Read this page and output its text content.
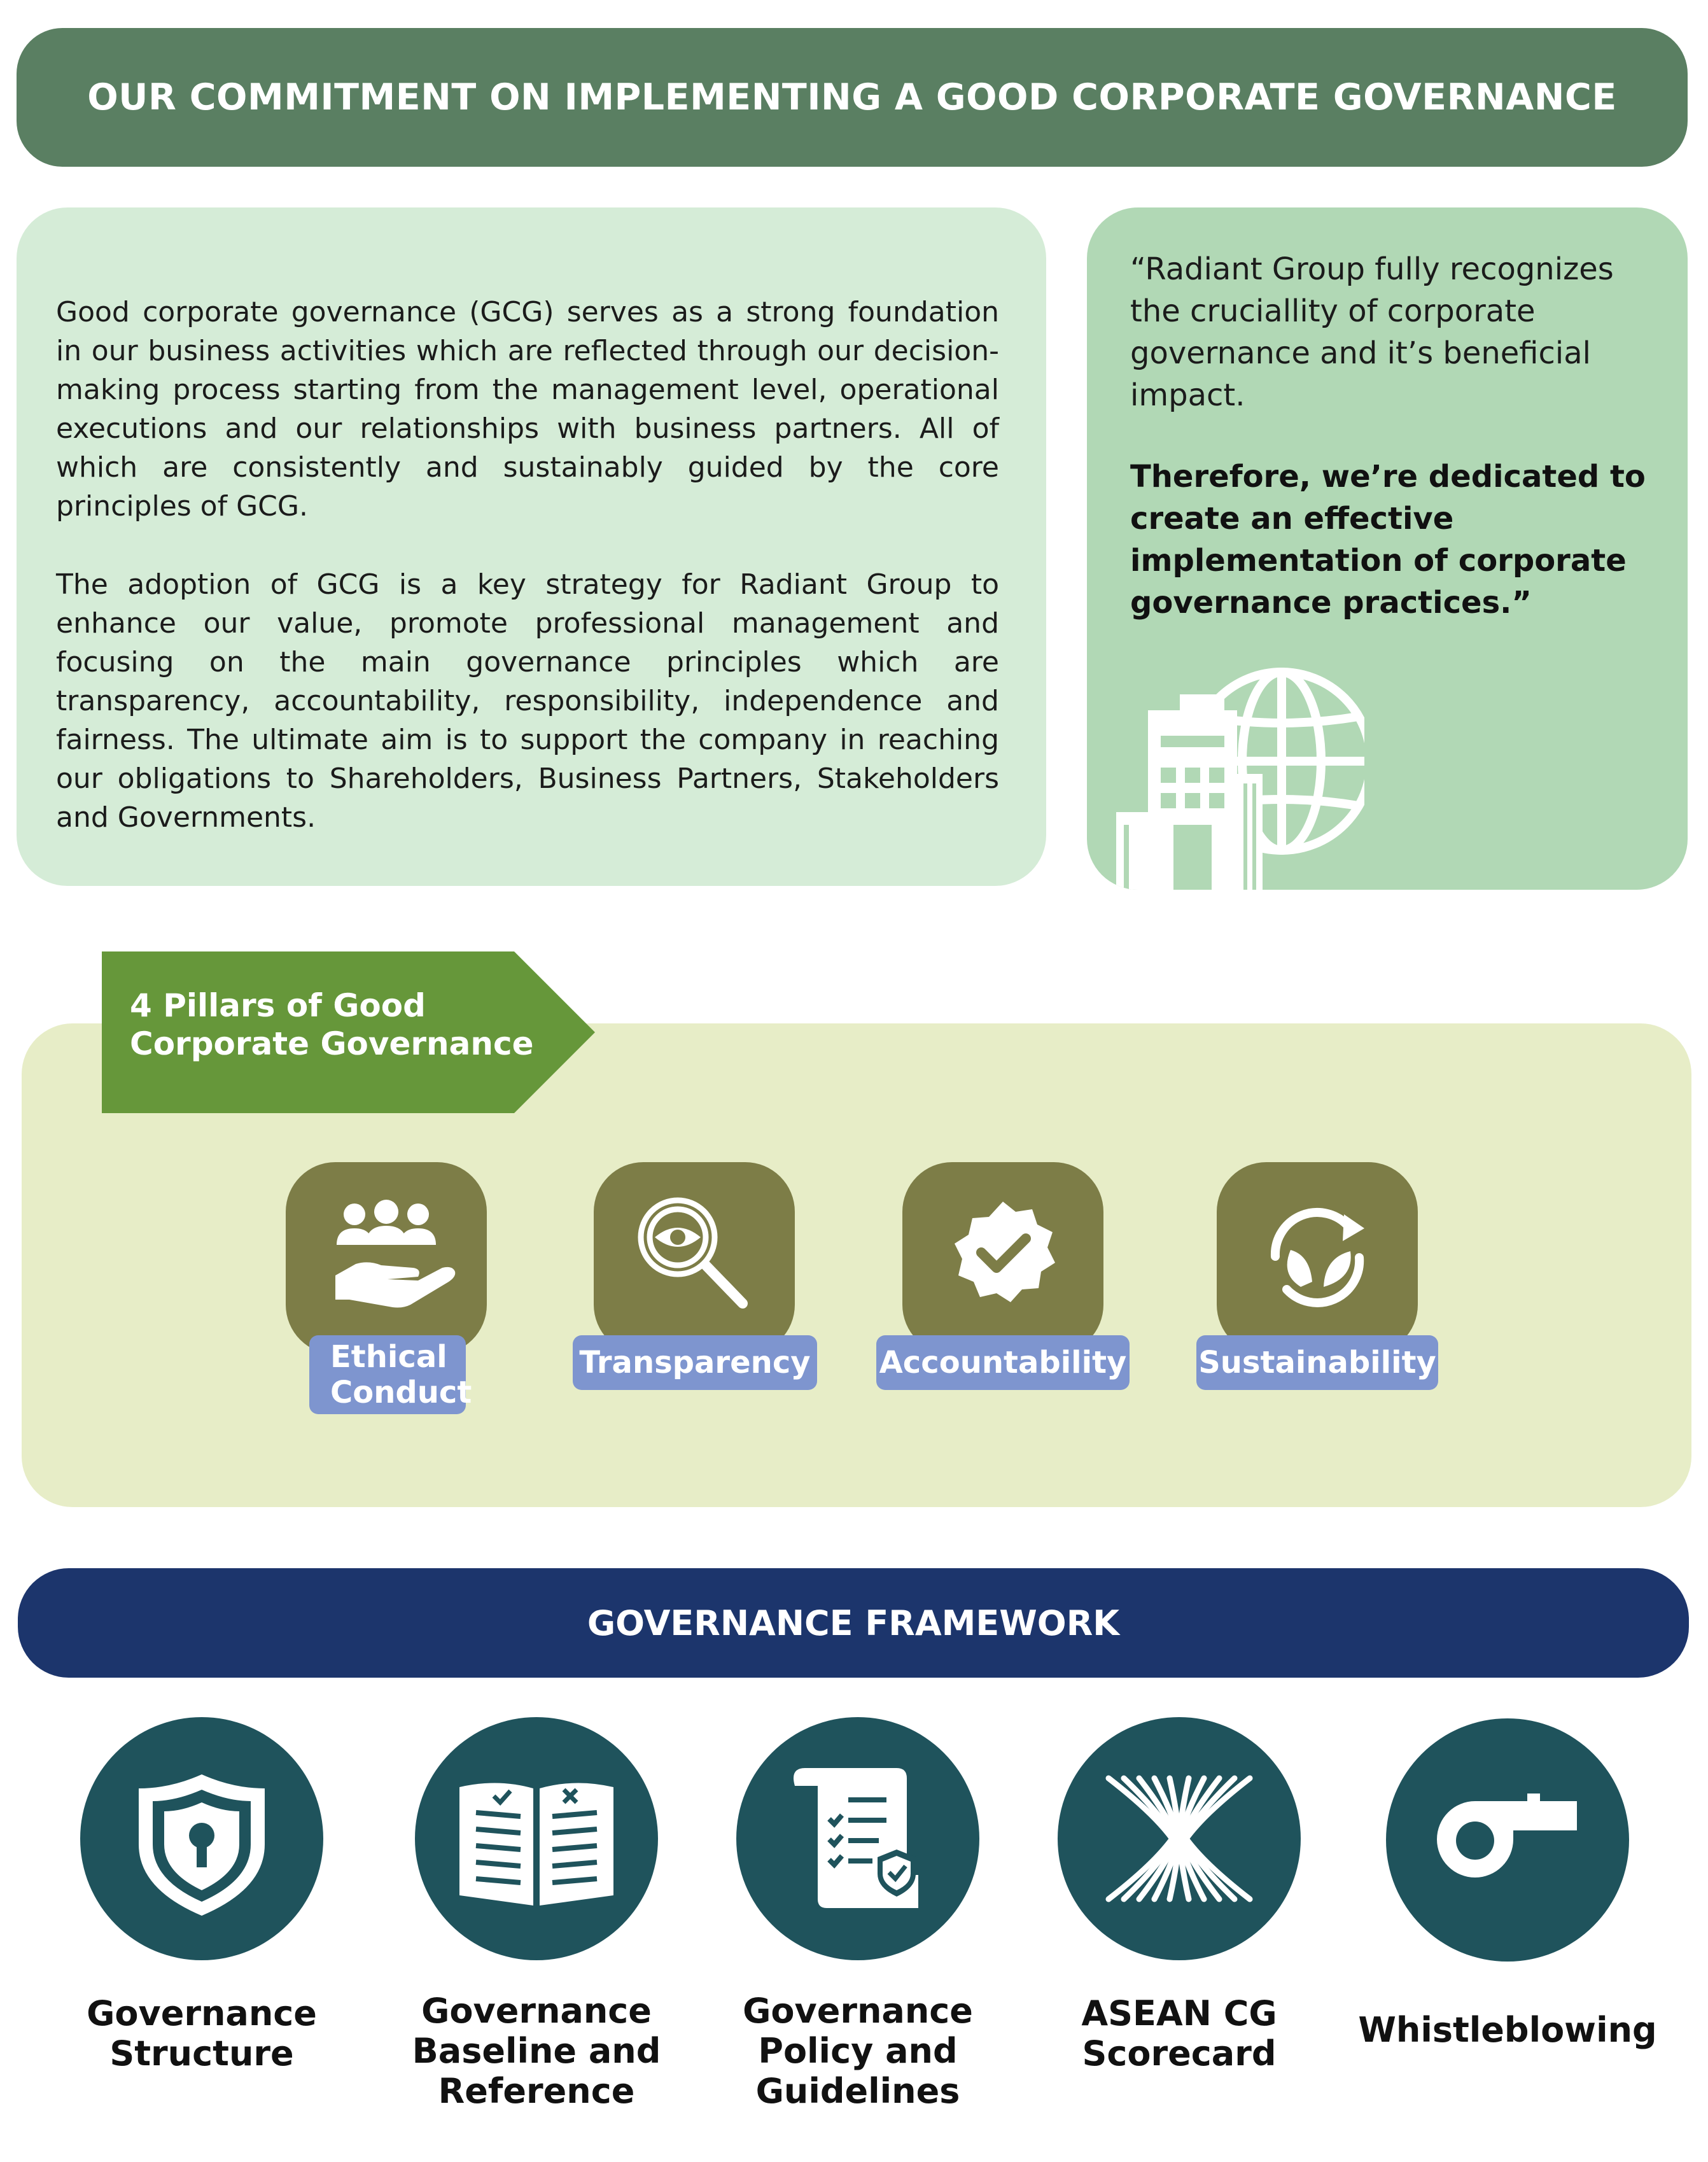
OUR COMMITMENT ON IMPLEMENTING A GOOD CORPORATE GOVERNANCE

Good corporate governance (GCG) serves as a strong foundation in our business activities which are reflected through our decision-making process starting from the management level, operational executions and our relationships with business partners. All of which are consistently and sustainably guided by the core principles of GCG.

The adoption of GCG is a key strategy for Radiant Group to enhance our value, promote professional management and focusing on the main governance principles which are transparency, accountability, responsibility, independence and fairness. The ultimate aim is to support the company in reaching our obligations to Shareholders, Business Partners, Stakeholders and Governments.

“Radiant Group fully recognizes the cruciallity of corporate governance and it’s beneficial impact.

Therefore, we’re dedicated to create an effective implementation of corporate governance practices.”

4 Pillars of Good Corporate Governance
Ethical Conduct
Transparency Accountability Sustainability
GOVERNANCE FRAMEWORK
Governance Structure
Governance Baseline and Reference
Governance Policy and Guidelines
ASEAN CG Scorecard
Whistleblowing
